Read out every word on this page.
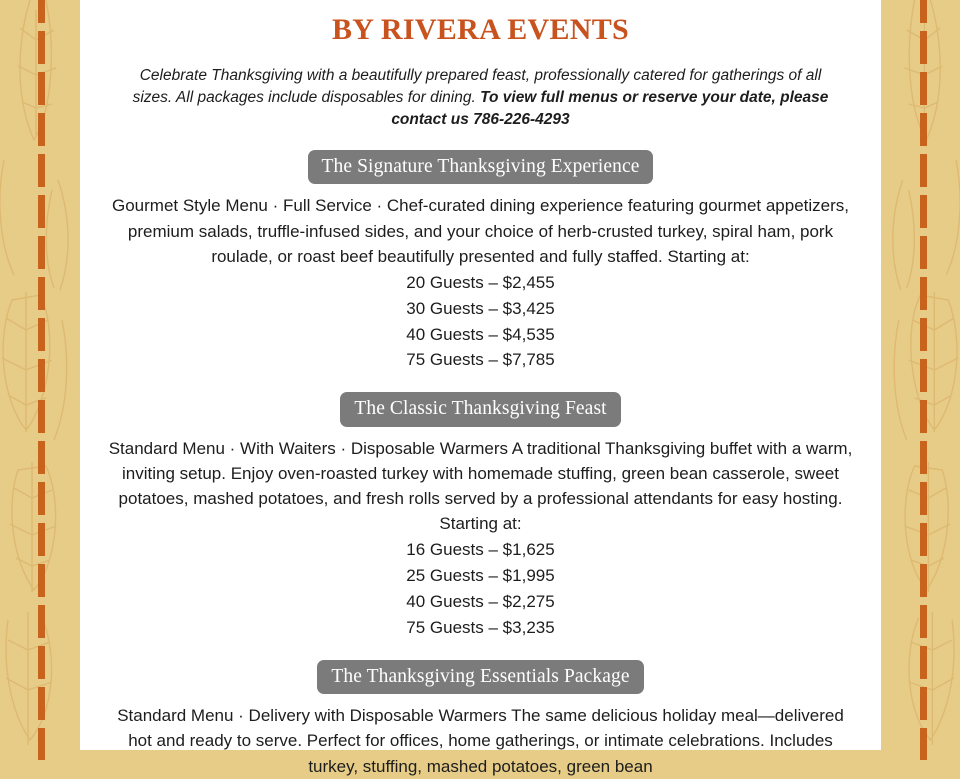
BY RIVERA EVENTS

Celebrate Thanksgiving with a beautifully prepared feast, professionally catered for gatherings of all sizes. All packages include disposables for dining. To view full menus or reserve your date, please contact us 786-226-4293

The Signature Thanksgiving Experience

Gourmet Style Menu · Full Service · Chef-curated dining experience featuring gourmet appetizers, premium salads, truffle-infused sides, and your choice of herb-crusted turkey, spiral ham, pork roulade, or roast beef beautifully presented and fully staffed. Starting at:

20 Guests – $2,455
30 Guests – $3,425
40 Guests – $4,535
75 Guests – $7,785
The Classic Thanksgiving Feast

Standard Menu · With Waiters · Disposable Warmers A traditional Thanksgiving buffet with a warm, inviting setup. Enjoy oven-roasted turkey with homemade stuffing, green bean casserole, sweet potatoes, mashed potatoes, and fresh rolls served by a professional attendants for easy hosting. Starting at:

16 Guests – $1,625
25 Guests – $1,995
40 Guests – $2,275
75 Guests – $3,235
The Thanksgiving Essentials Package

Standard Menu · Delivery with Disposable Warmers The same delicious holiday meal—delivered hot and ready to serve. Perfect for offices, home gatherings, or intimate celebrations. Includes turkey, stuffing, mashed potatoes, green bean
